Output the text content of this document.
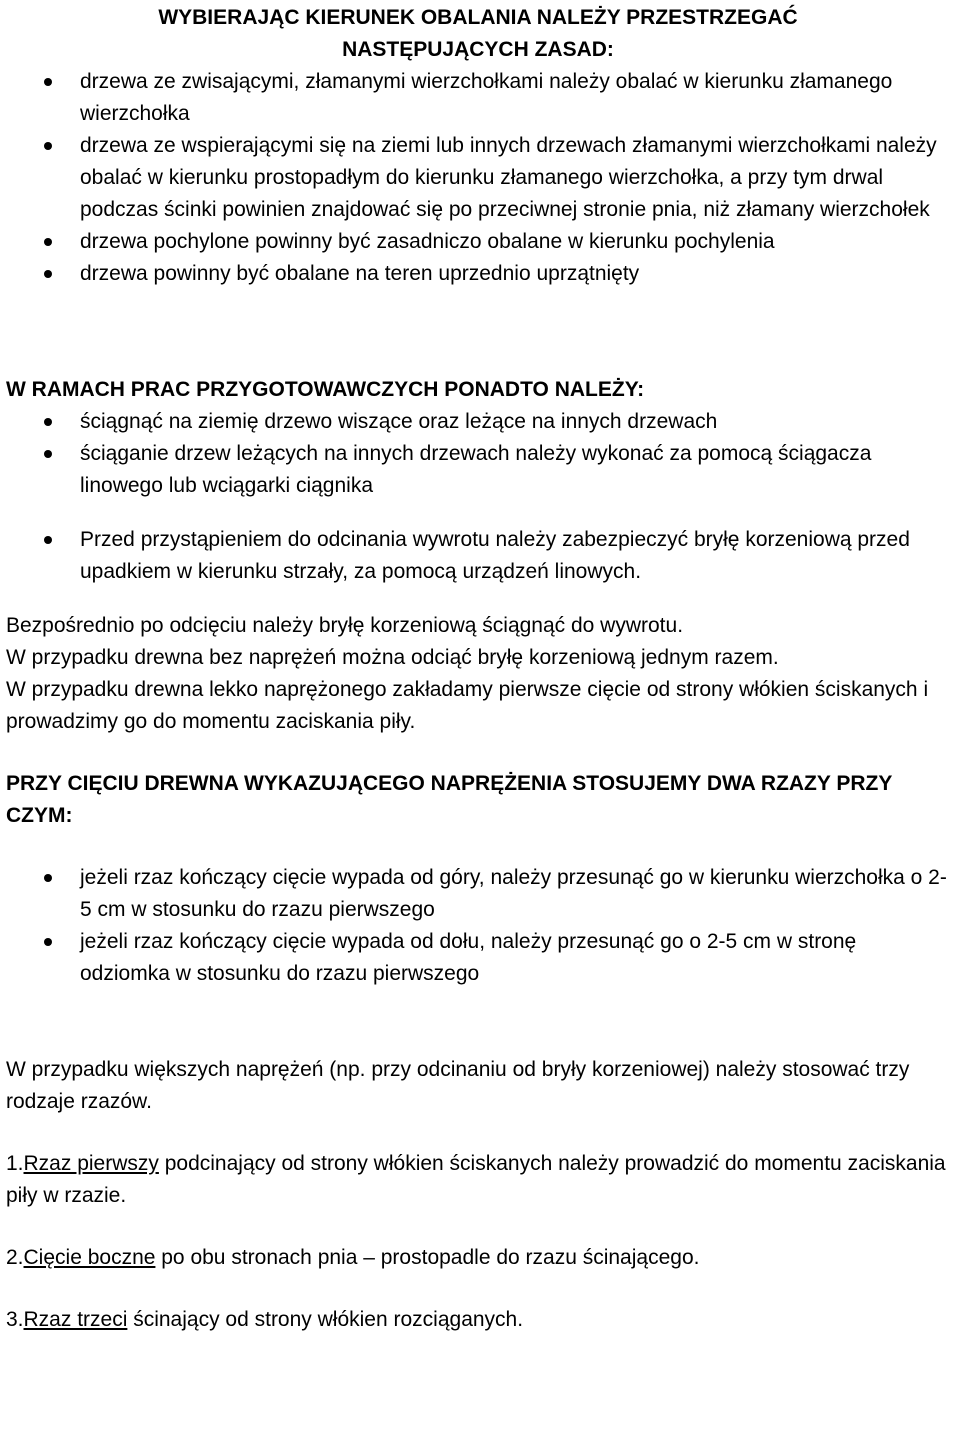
WYBIERAJĄC KIERUNEK OBALANIA NALEŻY PRZESTRZEGAĆ
NASTĘPUJĄCYCH ZASAD:
drzewa ze zwisającymi, złamanymi wierzchołkami należy obalać w kierunku złamanego wierzchołka
drzewa ze wspierającymi się na ziemi lub innych drzewach złamanymi wierzchołkami należy obalać w kierunku prostopadłym do kierunku złamanego wierzchołka, a przy tym drwal podczas ścinki powinien znajdować się po przeciwnej stronie pnia, niż złamany wierzchołek
drzewa pochylone powinny być zasadniczo obalane w kierunku pochylenia
drzewa powinny być obalane na teren uprzednio uprzątnięty
W RAMACH PRAC PRZYGOTOWAWCZYCH PONADTO NALEŻY:
ściągnąć na ziemię drzewo wiszące oraz leżące na innych drzewach
ściąganie drzew leżących na innych drzewach należy wykonać za pomocą ściągacza linowego lub wciągarki ciągnika
Przed przystąpieniem do odcinania wywrotu należy zabezpieczyć bryłę korzeniową przed upadkiem w kierunku strzały, za pomocą urządzeń linowych.

Bezpośrednio po odcięciu należy bryłę korzeniową ściągnąć do wywrotu.

W przypadku drewna bez naprężeń można odciąć bryłę korzeniową jednym razem.

W przypadku drewna lekko naprężonego zakładamy pierwsze cięcie od strony włókien ściskanych i prowadzimy go do momentu zaciskania piły.

PRZY CIĘCIU DREWNA WYKAZUJĄCEGO NAPRĘŻENIA STOSUJEMY DWA RZAZY PRZY CZYM:
jeżeli rzaz kończący cięcie wypada od góry, należy przesunąć go w kierunku wierzchołka o 2-5 cm w stosunku do rzazu pierwszego
jeżeli rzaz kończący cięcie wypada od dołu, należy przesunąć go o 2-5 cm w stronę odziomka w stosunku do rzazu pierwszego

W przypadku większych naprężeń (np. przy odcinaniu od bryły korzeniowej) należy stosować trzy rodzaje rzazów.

1.Rzaz pierwszy podcinający od strony włókien ściskanych należy prowadzić do momentu zaciskania piły w rzazie.

2.Cięcie boczne po obu stronach pnia – prostopadle do rzazu ścinającego.

3.Rzaz trzeci ścinający od strony włókien rozciąganych.
